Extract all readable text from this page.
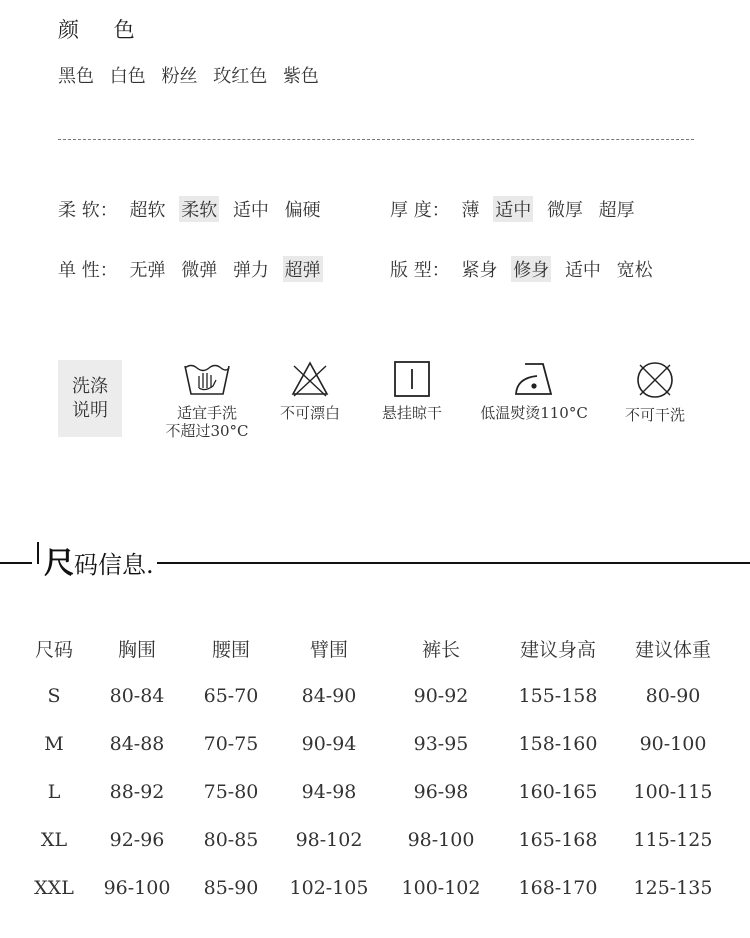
颜 色
黑色 白色 粉丝 玫红色 紫色
柔 软： 超软 柔软 适中 偏硬	厚 度： 薄 适中 微厚 超厚
单 性： 无弹 微弹 弹力 超弹	版 型： 紧身 修身 适中 宽松
洗涤
说明	适宜手洗
不超过30°C
不可漂白	悬挂晾干	低温熨烫110°C	不可干洗
尺码信息.
尺码	胸围	腰围	臂围	裤长	建议身高	建议体重
S	80-84	65-70	84-90	90-92	155-158	80-90
M	84-88	70-75	90-94	93-95	158-160	90-100
L	88-92	75-80	94-98	96-98	160-165	100-115
XL	92-96	80-85	98-102	98-100	165-168	115-125
XXL	96-100	85-90	102-105	100-102	168-170	125-135
